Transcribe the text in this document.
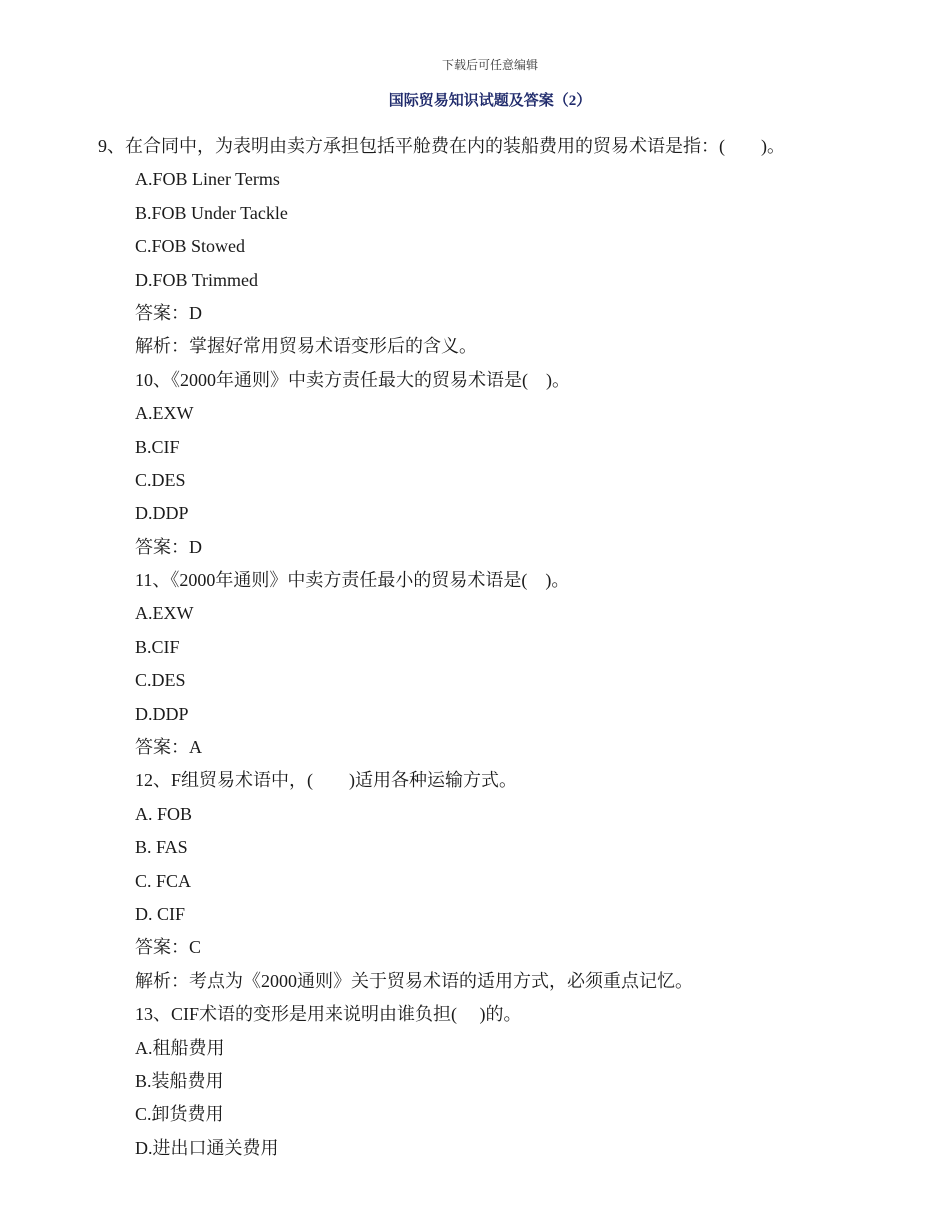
下载后可任意编辑
国际贸易知识试题及答案（2）
9、在合同中，为表明由卖方承担包括平舱费在内的装船费用的贸易术语是指：(　　)。
A.FOB Liner Terms
B.FOB Under Tackle
C.FOB Stowed
D.FOB Trimmed
答案：D
解析：掌握好常用贸易术语变形后的含义。
10、《2000年通则》中卖方责任最大的贸易术语是(　)。
A.EXW
B.CIF
C.DES
D.DDP
答案：D
11、《2000年通则》中卖方责任最小的贸易术语是(　)。
A.EXW
B.CIF
C.DES
D.DDP
答案：A
12、F组贸易术语中，(　　)适用各种运输方式。
A. FOB
B. FAS
C. FCA
D. CIF
答案：C
解析：考点为《2000通则》关于贸易术语的适用方式，必须重点记忆。
13、CIF术语的变形是用来说明由谁负担(　 )的。
A.租船费用
B.装船费用
C.卸货费用
D.进出口通关费用
